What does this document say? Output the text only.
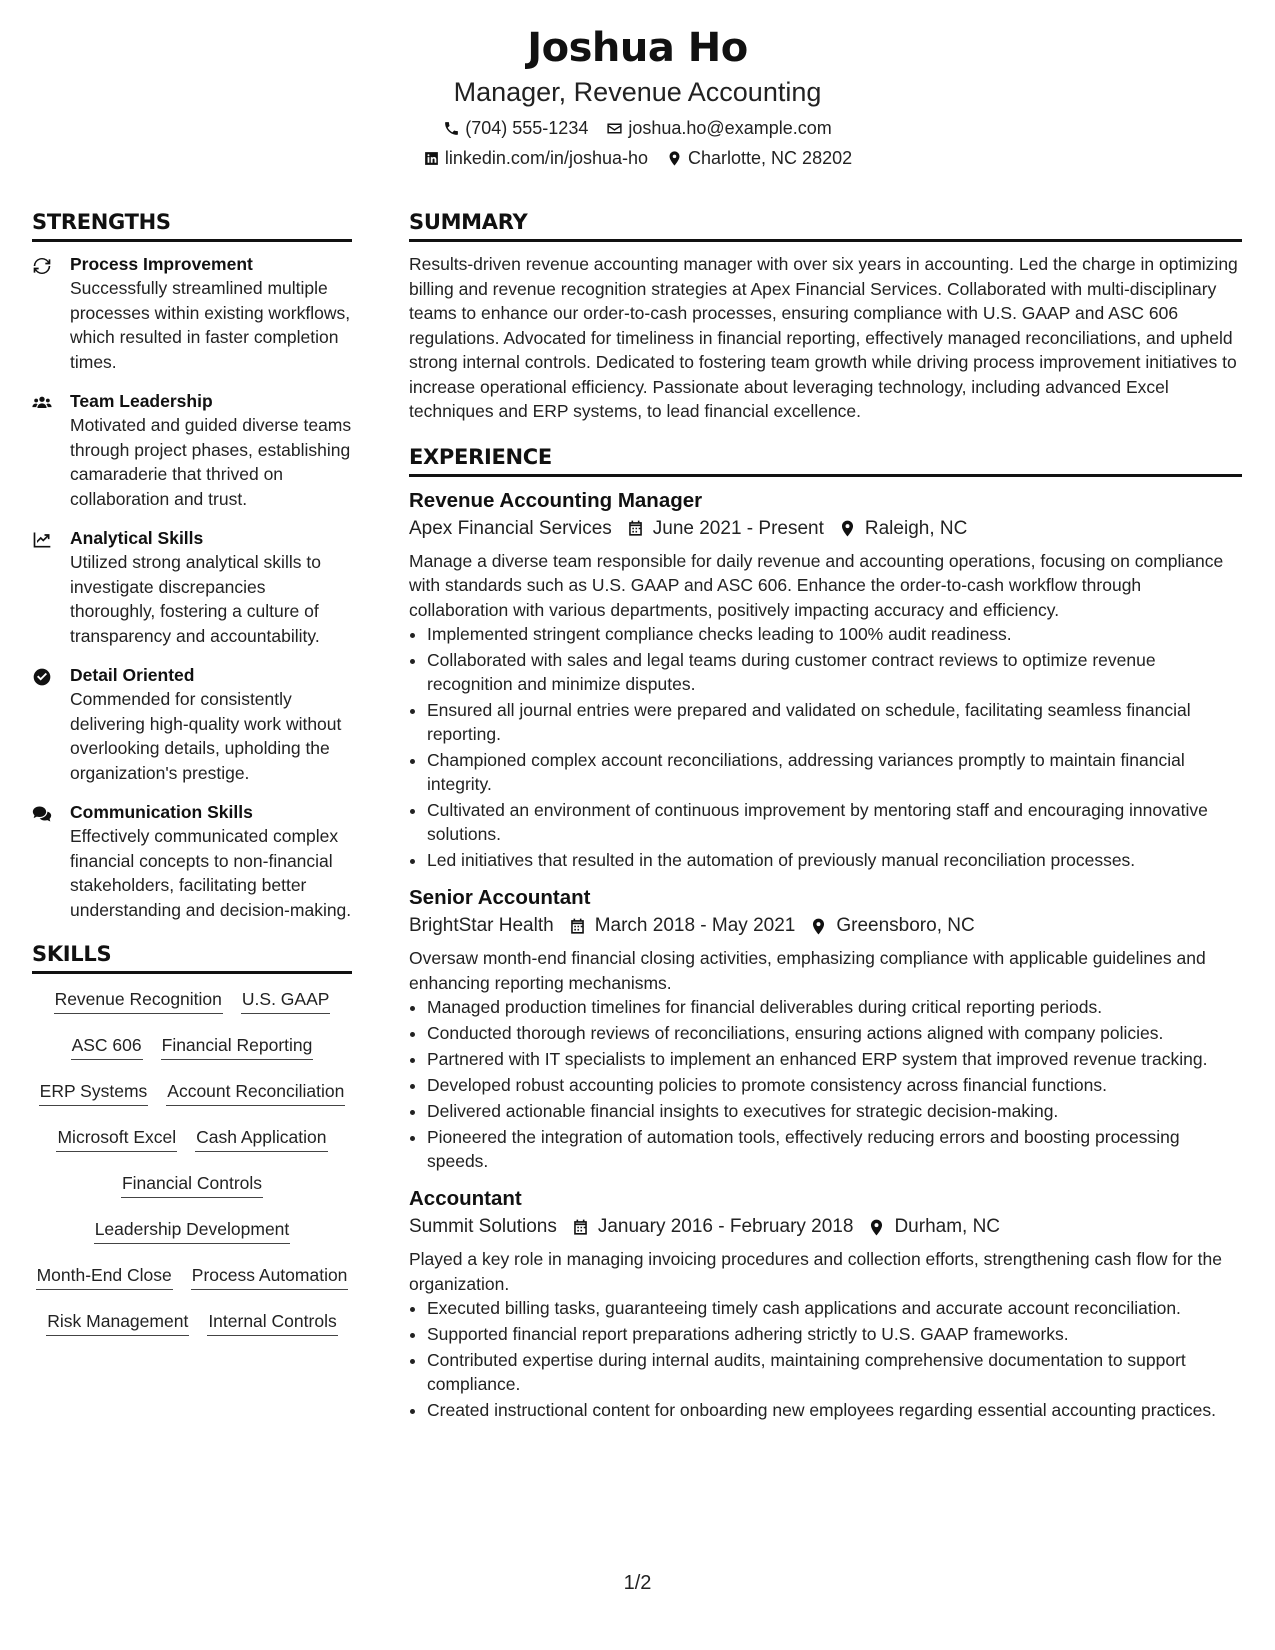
Joshua Ho
Manager, Revenue Accounting
(704) 555-1234 joshua.ho@example.com
linkedin.com/in/joshua-ho Charlotte, NC 28202
STRENGTHS
Process Improvement
Successfully streamlined multiple processes within existing workflows, which resulted in faster completion times.
Team Leadership
Motivated and guided diverse teams through project phases, establishing camaraderie that thrived on collaboration and trust.
Analytical Skills
Utilized strong analytical skills to investigate discrepancies thoroughly, fostering a culture of transparency and accountability.
Detail Oriented
Commended for consistently delivering high-quality work without overlooking details, upholding the organization's prestige.
Communication Skills
Effectively communicated complex financial concepts to non-financial stakeholders, facilitating better understanding and decision-making.
SKILLS
Revenue Recognition U.S. GAAP
ASC 606 Financial Reporting
ERP Systems Account Reconciliation
Microsoft Excel Cash Application
Financial Controls
Leadership Development
Month-End Close Process Automation
Risk Management Internal Controls
SUMMARY
Results-driven revenue accounting manager with over six years in accounting. Led the charge in optimizing billing and revenue recognition strategies at Apex Financial Services. Collaborated with multi-disciplinary teams to enhance our order-to-cash processes, ensuring compliance with U.S. GAAP and ASC 606 regulations. Advocated for timeliness in financial reporting, effectively managed reconciliations, and upheld strong internal controls. Dedicated to fostering team growth while driving process improvement initiatives to increase operational efficiency. Passionate about leveraging technology, including advanced Excel techniques and ERP systems, to lead financial excellence.
EXPERIENCE
Revenue Accounting Manager
Apex Financial Services June 2021 - Present Raleigh, NC
Manage a diverse team responsible for daily revenue and accounting operations, focusing on compliance with standards such as U.S. GAAP and ASC 606. Enhance the order-to-cash workflow through collaboration with various departments, positively impacting accuracy and efficiency.
• Implemented stringent compliance checks leading to 100% audit readiness.
• Collaborated with sales and legal teams during customer contract reviews to optimize revenue recognition and minimize disputes.
• Ensured all journal entries were prepared and validated on schedule, facilitating seamless financial reporting.
• Championed complex account reconciliations, addressing variances promptly to maintain financial integrity.
• Cultivated an environment of continuous improvement by mentoring staff and encouraging innovative solutions.
• Led initiatives that resulted in the automation of previously manual reconciliation processes.
Senior Accountant
BrightStar Health March 2018 - May 2021 Greensboro, NC
Oversaw month-end financial closing activities, emphasizing compliance with applicable guidelines and enhancing reporting mechanisms.
• Managed production timelines for financial deliverables during critical reporting periods.
• Conducted thorough reviews of reconciliations, ensuring actions aligned with company policies.
• Partnered with IT specialists to implement an enhanced ERP system that improved revenue tracking.
• Developed robust accounting policies to promote consistency across financial functions.
• Delivered actionable financial insights to executives for strategic decision-making.
• Pioneered the integration of automation tools, effectively reducing errors and boosting processing speeds.
Accountant
Summit Solutions January 2016 - February 2018 Durham, NC
Played a key role in managing invoicing procedures and collection efforts, strengthening cash flow for the organization.
• Executed billing tasks, guaranteeing timely cash applications and accurate account reconciliation.
• Supported financial report preparations adhering strictly to U.S. GAAP frameworks.
• Contributed expertise during internal audits, maintaining comprehensive documentation to support compliance.
• Created instructional content for onboarding new employees regarding essential accounting practices.
1/2
